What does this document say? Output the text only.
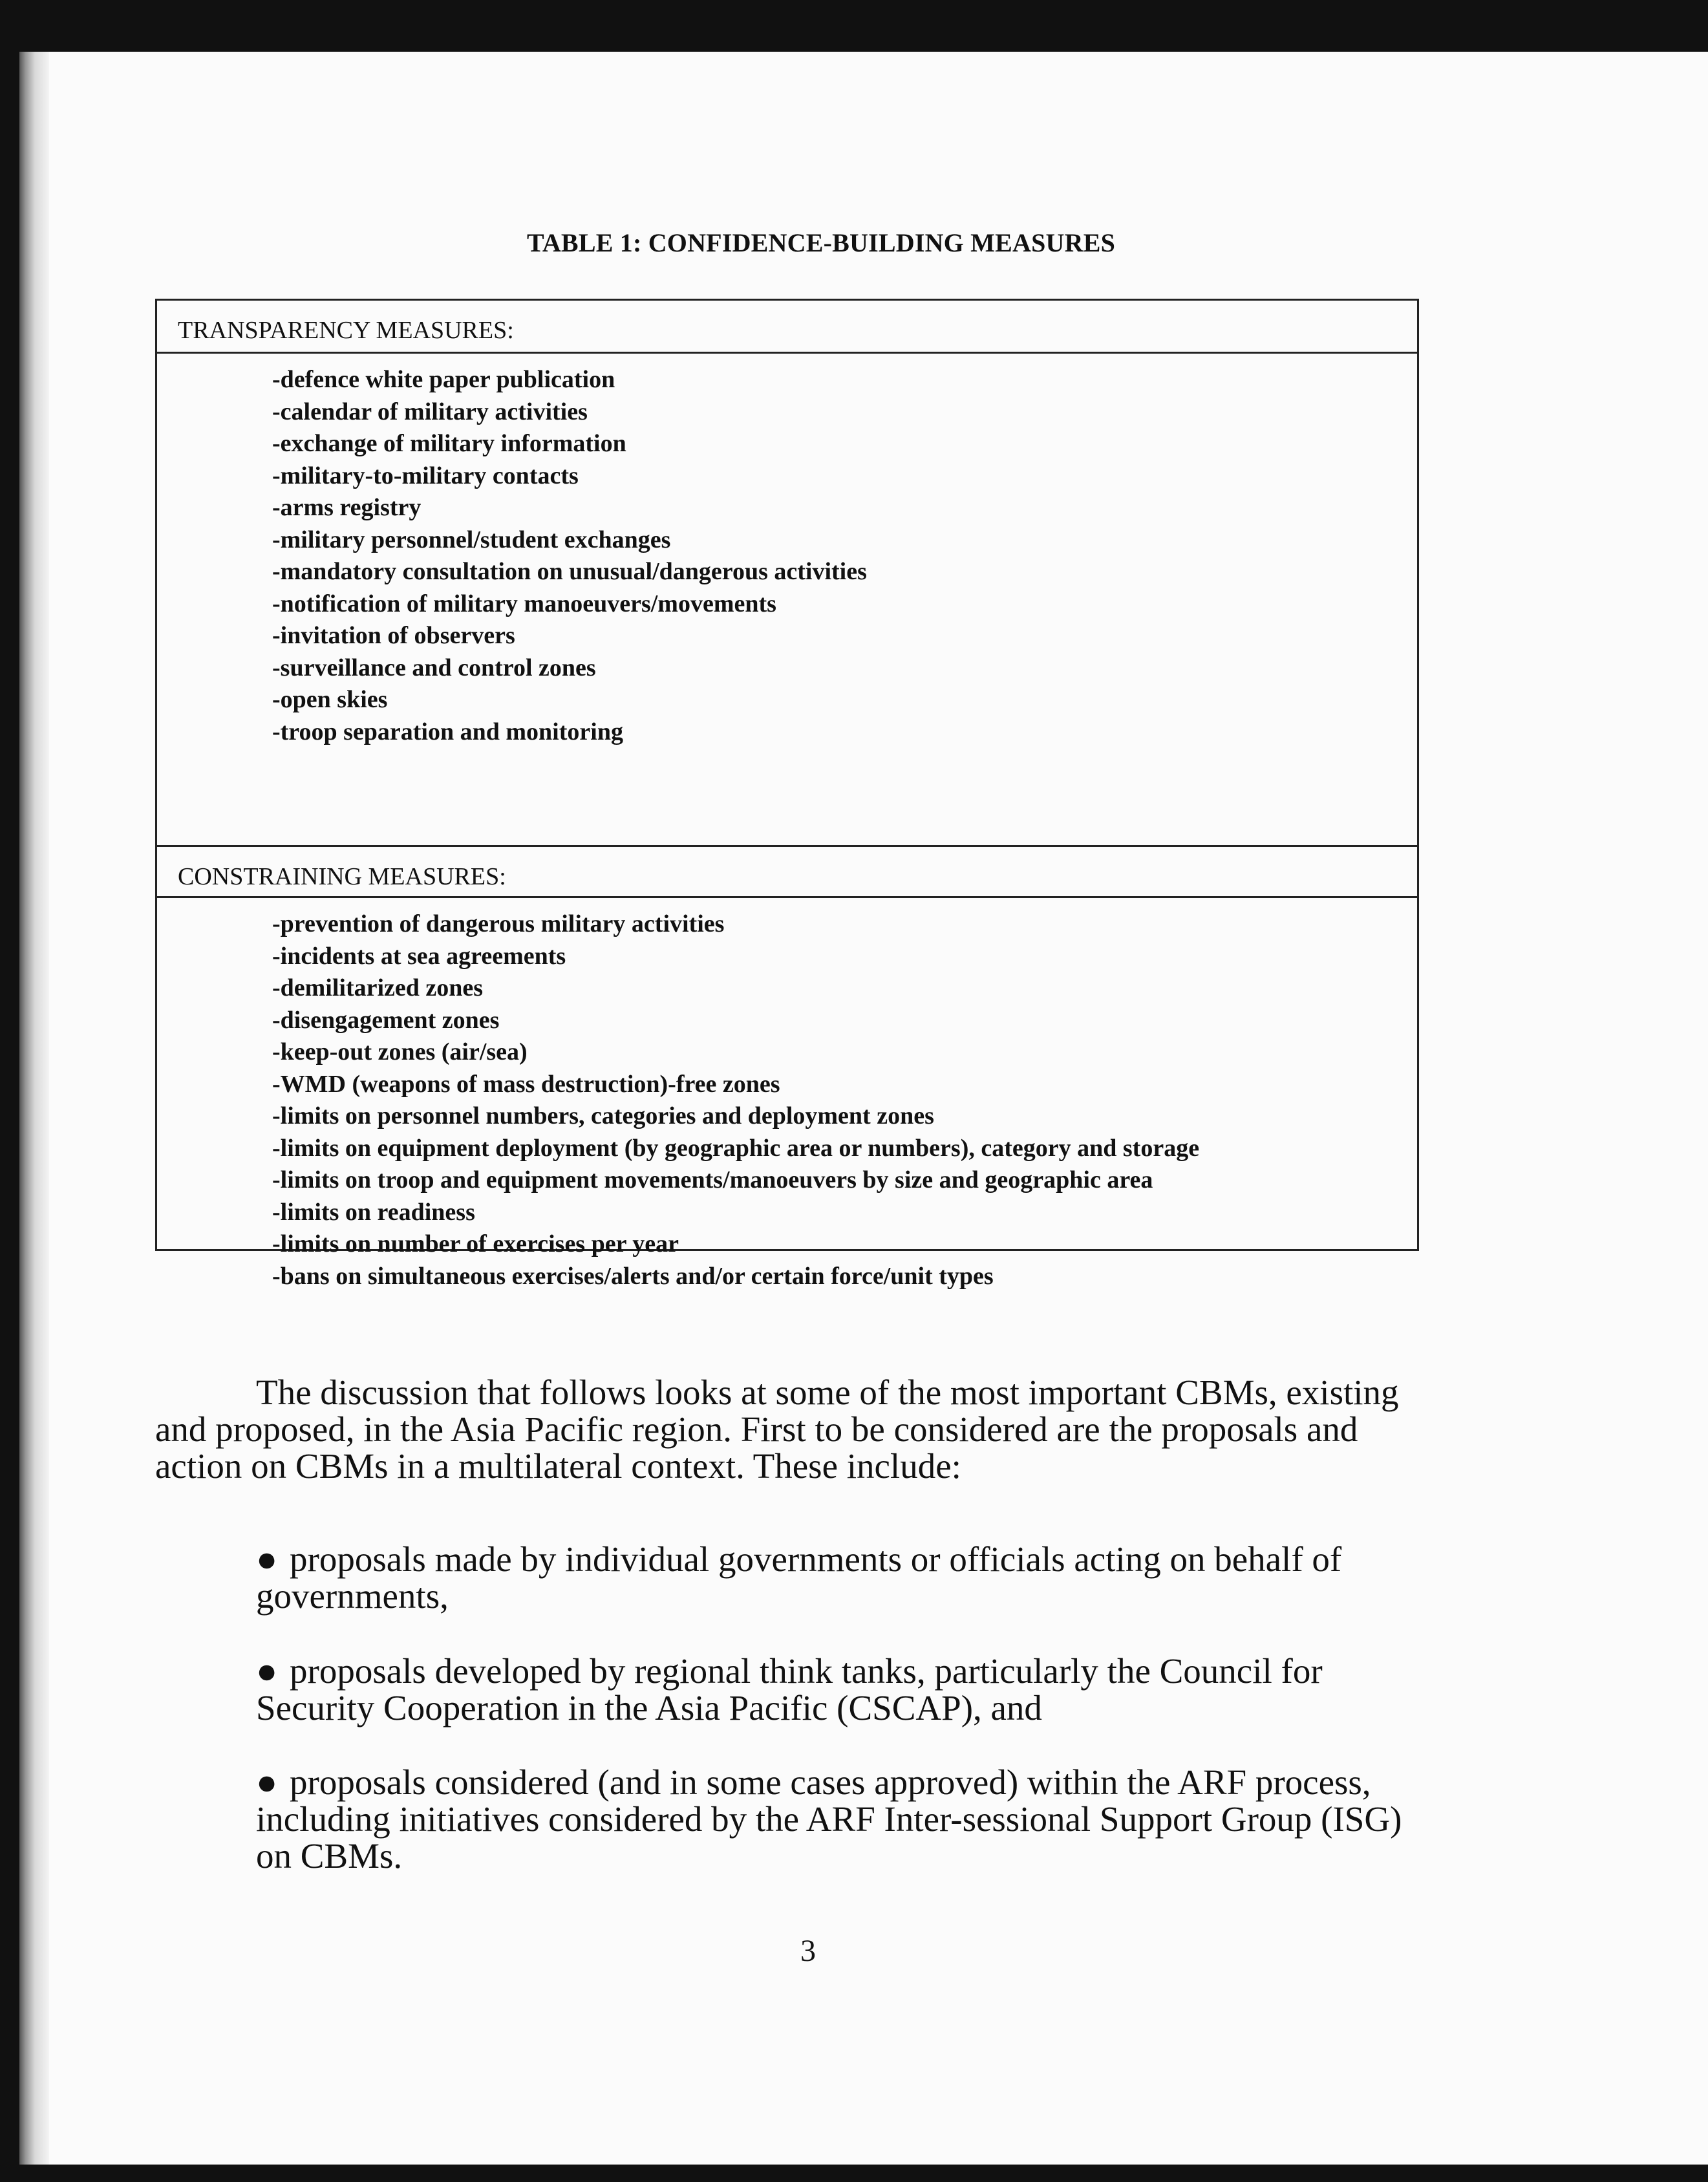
TABLE 1: CONFIDENCE-BUILDING MEASURES
TRANSPARENCY MEASURES:
-defence white paper publication
-calendar of military activities
-exchange of military information
-military-to-military contacts
-arms registry
-military personnel/student exchanges
-mandatory consultation on unusual/dangerous activities
-notification of military manoeuvers/movements
-invitation of observers
-surveillance and control zones
-open skies
-troop separation and monitoring
CONSTRAINING MEASURES:
-prevention of dangerous military activities
-incidents at sea agreements
-demilitarized zones
-disengagement zones
-keep-out zones (air/sea)
-WMD (weapons of mass destruction)-free zones
-limits on personnel numbers, categories and deployment zones
-limits on equipment deployment (by geographic area or numbers), category and storage
-limits on troop and equipment movements/manoeuvers by size and geographic area
-limits on readiness
-limits on number of exercises per year
-bans on simultaneous exercises/alerts and/or certain force/unit types

The discussion that follows looks at some of the most important CBMs, existing and proposed, in the Asia Pacific region. First to be considered are the proposals and action on CBMs in a multilateral context. These include:

● proposals made by individual governments or officials acting on behalf of governments,

● proposals developed by regional think tanks, particularly the Council for Security Cooperation in the Asia Pacific (CSCAP), and

● proposals considered (and in some cases approved) within the ARF process, including initiatives considered by the ARF Inter-sessional Support Group (ISG) on CBMs.

3
